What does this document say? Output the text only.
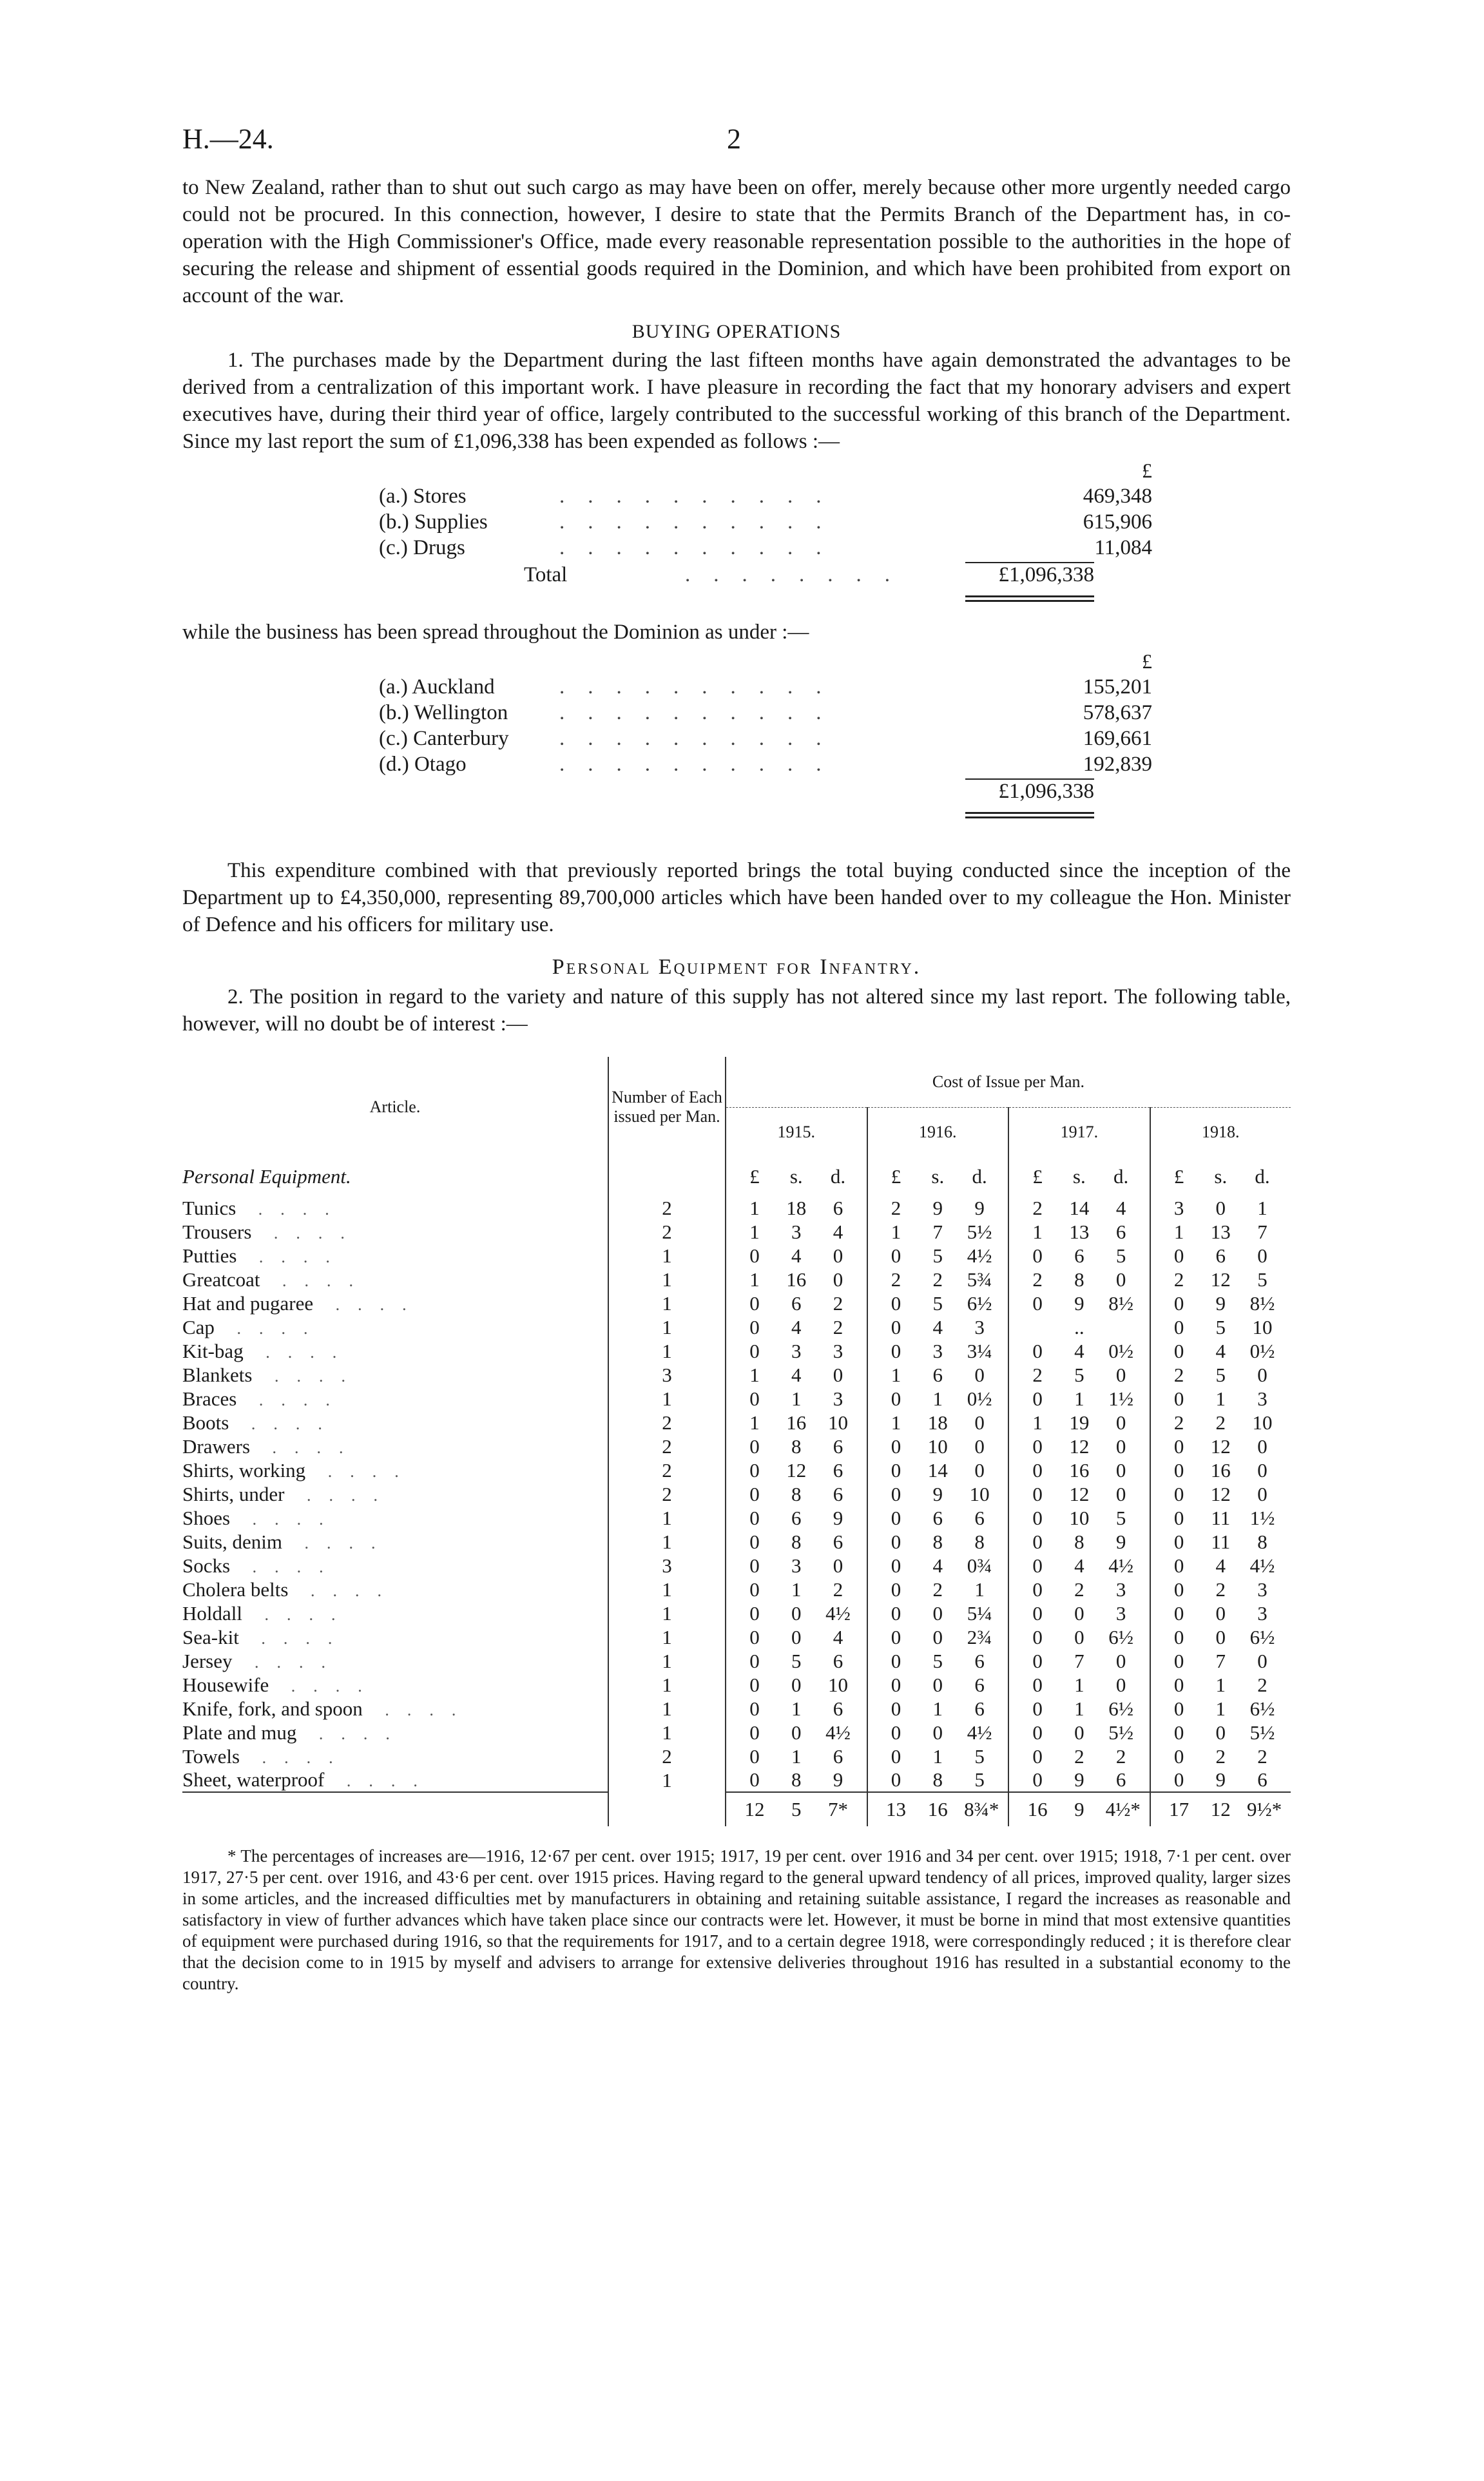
H.—24.	2

to New Zealand, rather than to shut out such cargo as may have been on offer, merely because other more urgently needed cargo could not be procured. In this connection, however, I desire to state that the Permits Branch of the Department has, in co-operation with the High Commissioner's Office, made every reasonable representation possible to the authorities in the hope of securing the release and shipment of essential goods required in the Dominion, and which have been prohibited from export on account of the war.

BUYING OPERATIONS

1. The purchases made by the Department during the last fifteen months have again demonstrated the advantages to be derived from a centralization of this important work. I have pleasure in recording the fact that my honorary advisers and expert executives have, during their third year of office, largely contributed to the successful working of this branch of the Department. Since my last report the sum of £1,096,338 has been expended as follows :—

£
(a.) Stores	..........	469,348
(b.) Supplies	..........	615,906
(c.) Drugs	..........	11,084
Total	........	£1,096,338

while the business has been spread throughout the Dominion as under :—

£
(a.) Auckland	..........	155,201
(b.) Wellington	..........	578,637
(c.) Canterbury	..........	169,661
(d.) Otago	..........	192,839
£1,096,338

This expenditure combined with that previously reported brings the total buying conducted since the inception of the Department up to £4,350,000, representing 89,700,000 articles which have been handed over to my colleague the Hon. Minister of Defence and his officers for military use.

Personal Equipment for Infantry.

2. The position in regard to the variety and nature of this supply has not altered since my last report. The following table, however, will no doubt be of interest :—

Article.	Number of Each issued per Man.	Cost of Issue per Man.			
		1915.	1916.	1917.	1918.
Personal Equipment.		£ s. d.	£ s. d.	£ s. d.	£ s. d.

Tunics ....	2	1 18 6	2 9 9	2 14 4	3 0 1

Trousers ....	2	1 3 4	1 7 5½	1 13 6	1 13 7

Putties ....	1	0 4 0	0 5 4½	0 6 5	0 6 0

Greatcoat ....	1	1 16 0	2 2 5¾	2 8 0	2 12 5

Hat and pugaree ....	1	0 6 2	0 5 6½	0 9 8½	0 9 8½

Cap ....	1	0 4 2	0 4 3	..	0 5 10

Kit-bag ....	1	0 3 3	0 3 3¼	0 4 0½	0 4 0½

Blankets ....	3	1 4 0	1 6 0	2 5 0	2 5 0

Braces ....	1	0 1 3	0 1 0½	0 1 1½	0 1 3

Boots ....	2	1 16 10	1 18 0	1 19 0	2 2 10

Drawers ....	2	0 8 6	0 10 0	0 12 0	0 12 0

Shirts, working ....	2	0 12 6	0 14 0	0 16 0	0 16 0

Shirts, under ....	2	0 8 6	0 9 10	0 12 0	0 12 0

Shoes ....	1	0 6 9	0 6 6	0 10 5	0 11 1½

Suits, denim ....	1	0 8 6	0 8 8	0 8 9	0 11 8

Socks ....	3	0 3 0	0 4 0¾	0 4 4½	0 4 4½

Cholera belts ....	1	0 1 2	0 2 1	0 2 3	0 2 3

Holdall ....	1	0 0 4½	0 0 5¼	0 0 3	0 0 3

Sea-kit ....	1	0 0 4	0 0 2¾	0 0 6½	0 0 6½

Jersey ....	1	0 5 6	0 5 6	0 7 0	0 7 0

Housewife ....	1	0 0 10	0 0 6	0 1 0	0 1 2

Knife, fork, and spoon ....	1	0 1 6	0 1 6	0 1 6½	0 1 6½

Plate and mug ....	1	0 0 4½	0 0 4½	0 0 5½	0 0 5½

Towels ....	2	0 1 6	0 1 5	0 2 2	0 2 2

Sheet, waterproof ....	1	0 8 9	0 8 5	0 9 6	0 9 6

		12 5 7*	13 16 8¾*	16 9 4½*	17 12 9½*

* The percentages of increases are—1916, 12·67 per cent. over 1915; 1917, 19 per cent. over 1916 and 34 per cent. over 1915; 1918, 7·1 per cent. over 1917, 27·5 per cent. over 1916, and 43·6 per cent. over 1915 prices. Having regard to the general upward tendency of all prices, improved quality, larger sizes in some articles, and the increased difficulties met by manufacturers in obtaining and retaining suitable assistance, I regard the increases as reasonable and satisfactory in view of further advances which have taken place since our contracts were let. However, it must be borne in mind that most extensive quantities of equipment were purchased during 1916, so that the requirements for 1917, and to a certain degree 1918, were correspondingly reduced ; it is therefore clear that the decision come to in 1915 by myself and advisers to arrange for extensive deliveries throughout 1916 has resulted in a substantial economy to the country.
